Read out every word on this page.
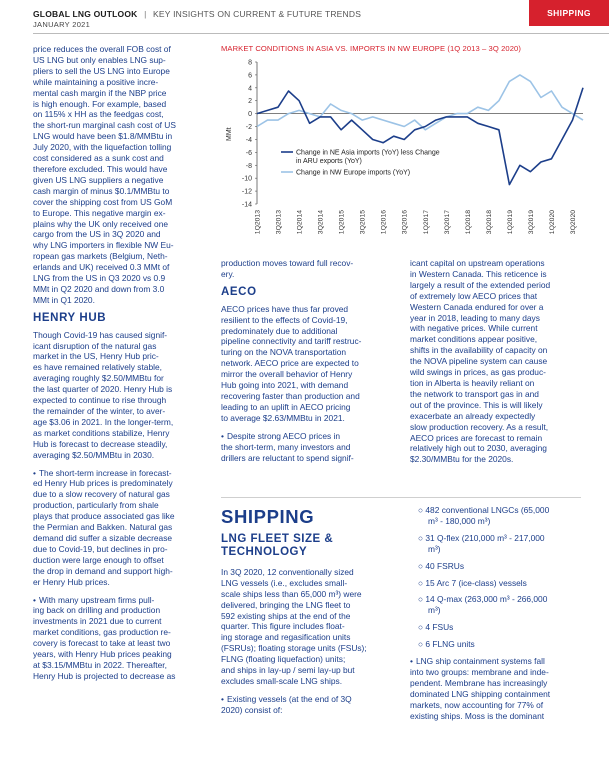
GLOBAL LNG OUTLOOK | KEY INSIGHTS ON CURRENT & FUTURE TRENDS
JANUARY 2021
SHIPPING

price reduces the overall FOB cost of
US LNG but only enables LNG sup-
pliers to sell the US LNG into Europe
while maintaining a positive incre-
mental cash margin if the NBP price
is high enough. For example, based
on 115% x HH as the feedgas cost,
the short-run marginal cash cost of US
LNG would have been $1.8/MMBtu in
July 2020, with the liquefaction tolling
cost considered as a sunk cost and
therefore excluded. This would have
given US LNG suppliers a negative
cash margin of minus $0.1/MMBtu to
cover the shipping cost from US GoM
to Europe. This negative margin ex-
plains why the UK only received one
cargo from the US in 3Q 2020 and
why LNG importers in flexible NW Eu-
ropean gas markets (Belgium, Neth-
erlands and UK) received 0.3 MMt of
LNG from the US in Q3 2020 vs 0.9
MMt in Q2 2020 and down from 3.0
MMt in Q1 2020.

HENRY HUB

Though Covid-19 has caused signif-
icant disruption of the natural gas
market in the US, Henry Hub pric-
es have remained relatively stable,
averaging roughly $2.50/MMBtu for
the last quarter of 2020. Henry Hub is
expected to continue to rise through
the remainder of the winter, to aver-
age $3.06 in 2021. In the longer-term,
as market conditions stabilize, Henry
Hub is forecast to decrease steadily,
averaging $2.50/MMBtu in 2030.

• The short-term increase in forecast-
ed Henry Hub prices is predominately
due to a slow recovery of natural gas
production, particularly from shale
plays that produce associated gas like
the Permian and Bakken. Natural gas
demand did suffer a sizable decrease
due to Covid-19, but declines in pro-
duction were large enough to offset
the drop in demand and support high-
er Henry Hub prices.

• With many upstream firms pull-
ing back on drilling and production
investments in 2021 due to current
market conditions, gas production re-
covery is forecast to take at least two
years, with Henry Hub prices peaking
at $3.15/MMBtu in 2022. Thereafter,
Henry Hub is projected to decrease as

MARKET CONDITIONS IN ASIA VS. IMPORTS IN NW EUROPE (1Q 2013 – 3Q 2020)
8
6
4
2
0
-2
-4
-6
-8
-10
-12
-14
MMt
1Q2013 3Q2013 1Q2014 3Q2014 1Q2015 3Q2015 1Q2016 3Q2016 1Q2017 3Q2017 1Q2018 3Q2018 1Q2019 3Q2019 1Q2020 3Q2020
Change in NE Asia imports (YoY) less Change
in ARU exports (YoY)
Change in NW Europe imports (YoY)

production moves toward full recov-
ery.

AECO

AECO prices have thus far proved
resilient to the effects of Covid-19,
predominately due to additional
pipeline connectivity and tariff restruc-
turing on the NOVA transportation
network. AECO price are expected to
mirror the overall behavior of Henry
Hub going into 2021, with demand
recovering faster than production and
leading to an uplift in AECO pricing
to average $2.63/MMBtu in 2021.

• Despite strong AECO prices in
the short-term, many investors and
drillers are reluctant to spend signif-

icant capital on upstream operations
in Western Canada. This reticence is
largely a result of the extended period
of extremely low AECO prices that
Western Canada endured for over a
year in 2018, leading to many days
with negative prices. While current
market conditions appear positive,
shifts in the availability of capacity on
the NOVA pipeline system can cause
wild swings in prices, as gas produc-
tion in Alberta is heavily reliant on
the network to transport gas in and
out of the province. This is will likely
exacerbate an already expectedly
slow production recovery. As a result,
AECO prices are forecast to remain
relatively high out to 2030, averaging
$2.30/MMBtu for the 2020s.

SHIPPING
LNG FLEET SIZE &
TECHNOLOGY

In 3Q 2020, 12 conventionally sized
LNG vessels (i.e., excludes small-
scale ships less than 65,000 m³) were
delivered, bringing the LNG fleet to
592 existing ships at the end of the
quarter. This figure includes float-
ing storage and regasification units
(FSRUs); floating storage units (FSUs);
FLNG (floating liquefaction) units;
and ships in lay-up / semi lay-up but
excludes small-scale LNG ships.

• Existing vessels (at the end of 3Q
2020) consist of:

○ 482 conventional LNGCs (65,000
m³ - 180,000 m³)

○ 31 Q-flex (210,000 m³ - 217,000
m³)

○ 40 FSRUs

○ 15 Arc 7 (ice-class) vessels

○ 14 Q-max (263,000 m³ - 266,000
m³)

○ 4 FSUs

○ 6 FLNG units

• LNG ship containment systems fall
into two groups: membrane and inde-
pendent. Membrane has increasingly
dominated LNG shipping containment
markets, now accounting for 77% of
existing ships. Moss is the dominant
